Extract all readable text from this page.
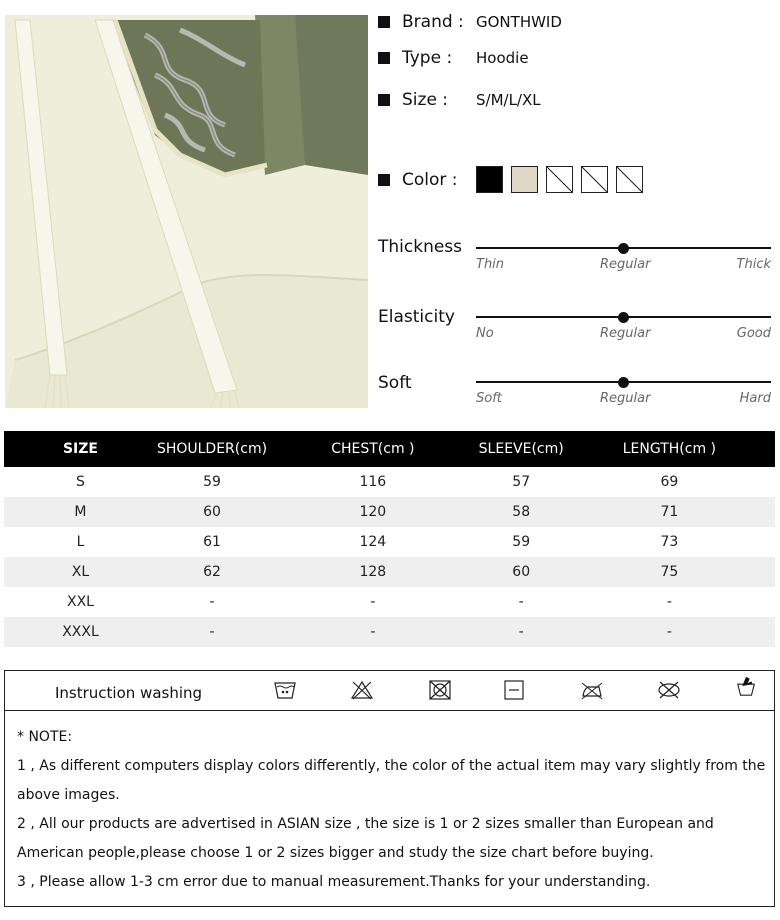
Brand : GONTHWID
Type :	Hoodie
Size :	S/M/L/XL
Color :
Thickness
Thin	Regular	Thick
Elasticity
No	Regular	Good
Soft
Soft	Regular	Hard
SIZE	SHOULDER(cm)	CHEST(cm )	SLEEVE(cm)	LENGTH(cm )
S	59	116	57	69
M	60	120	58	71
L	61	124	59	73
XL	62	128	60	75
XXL	-	-	-	-
XXXL	-	-	-	-
Instruction washing

* NOTE:

1 , As different computers display colors differently, the color of the actual item may vary slightly from the above images.

2 , All our products are advertised in ASIAN size , the size is 1 or 2 sizes smaller than European and American people,please choose 1 or 2 sizes bigger and study the size chart before buying.

3 , Please allow 1-3 cm error due to manual measurement.Thanks for your understanding.
